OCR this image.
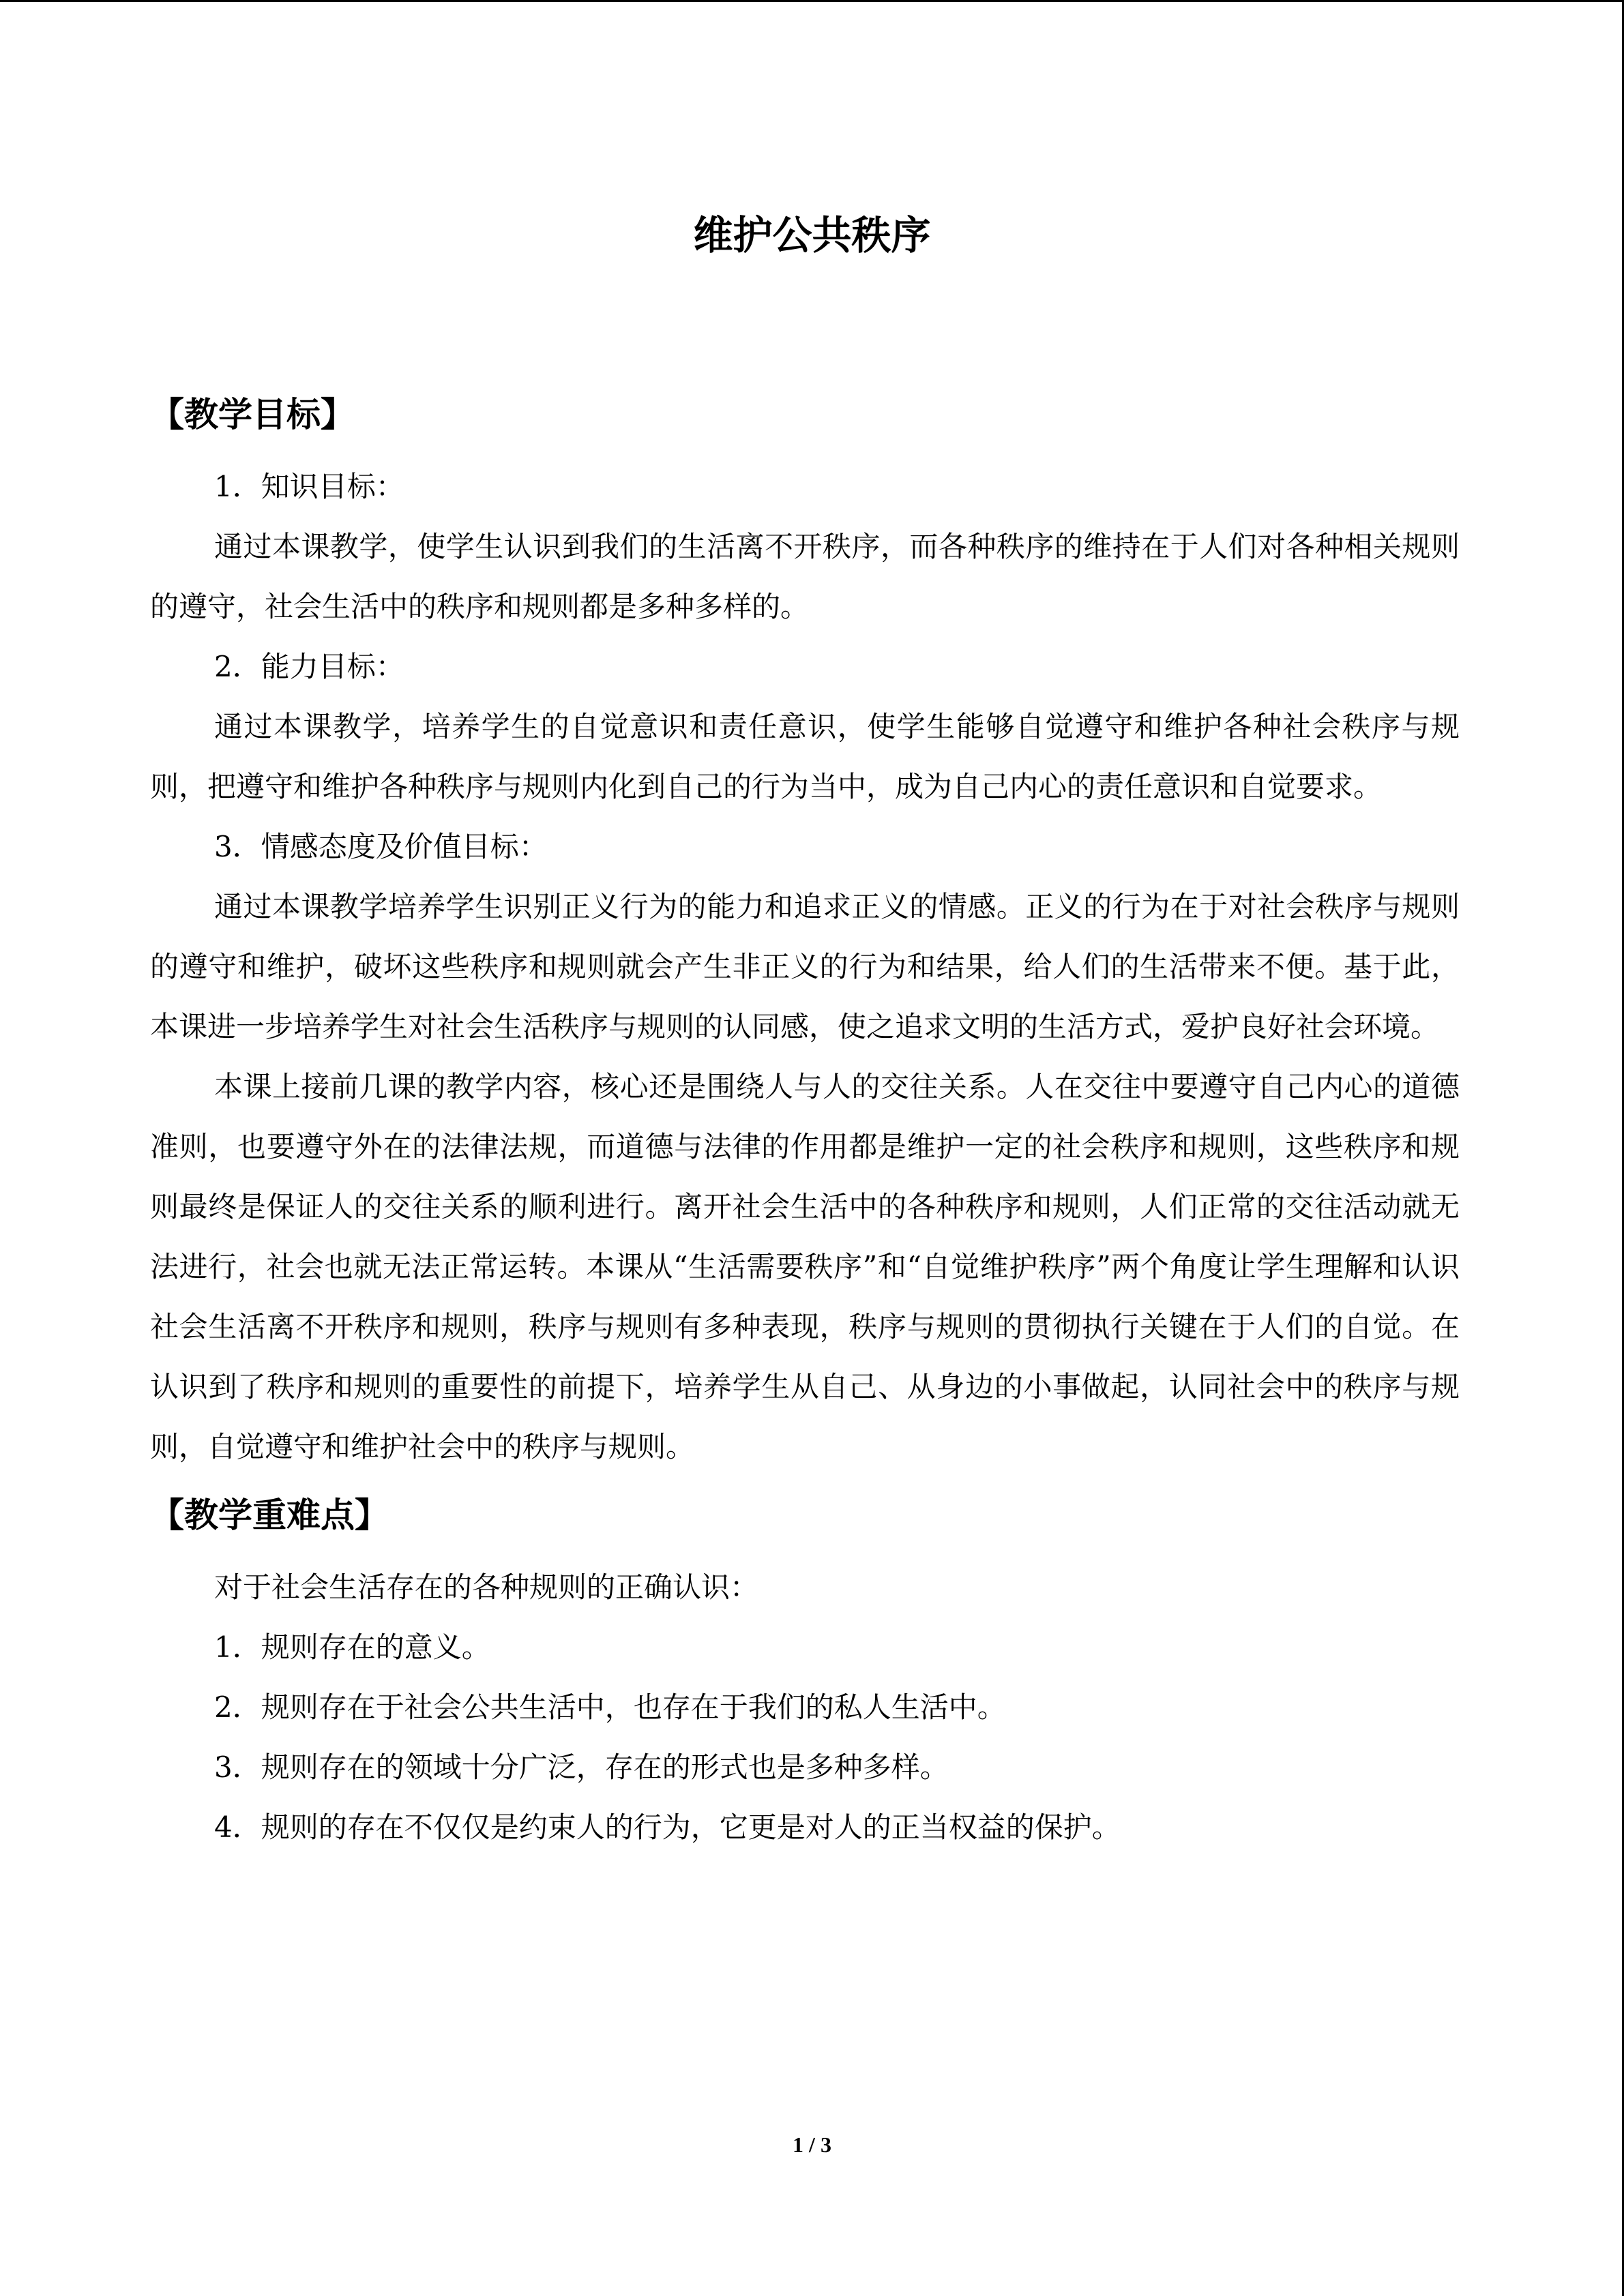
维护公共秩序
【教学目标】

1．知识目标：

通过本课教学，使学生认识到我们的生活离不开秩序，而各种秩序的维持在于人们对各种相关规则的遵守，社会生活中的秩序和规则都是多种多样的。

2．能力目标：

通过本课教学，培养学生的自觉意识和责任意识，使学生能够自觉遵守和维护各种社会秩序与规则，把遵守和维护各种秩序与规则内化到自己的行为当中，成为自己内心的责任意识和自觉要求。

3．情感态度及价值目标：

通过本课教学培养学生识别正义行为的能力和追求正义的情感。正义的行为在于对社会秩序与规则的遵守和维护，破坏这些秩序和规则就会产生非正义的行为和结果，给人们的生活带来不便。基于此，本课进一步培养学生对社会生活秩序与规则的认同感，使之追求文明的生活方式，爱护良好社会环境。

本课上接前几课的教学内容，核心还是围绕人与人的交往关系。人在交往中要遵守自己内心的道德准则，也要遵守外在的法律法规，而道德与法律的作用都是维护一定的社会秩序和规则，这些秩序和规则最终是保证人的交往关系的顺利进行。离开社会生活中的各种秩序和规则，人们正常的交往活动就无法进行，社会也就无法正常运转。本课从“生活需要秩序”和“自觉维护秩序”两个角度让学生理解和认识社会生活离不开秩序和规则，秩序与规则有多种表现，秩序与规则的贯彻执行关键在于人们的自觉。在认识到了秩序和规则的重要性的前提下，培养学生从自己、从身边的小事做起，认同社会中的秩序与规则，自觉遵守和维护社会中的秩序与规则。

【教学重难点】

对于社会生活存在的各种规则的正确认识：

1．规则存在的意义。

2．规则存在于社会公共生活中，也存在于我们的私人生活中。

3．规则存在的领域十分广泛，存在的形式也是多种多样。

4．规则的存在不仅仅是约束人的行为，它更是对人的正当权益的保护。

1 / 3
